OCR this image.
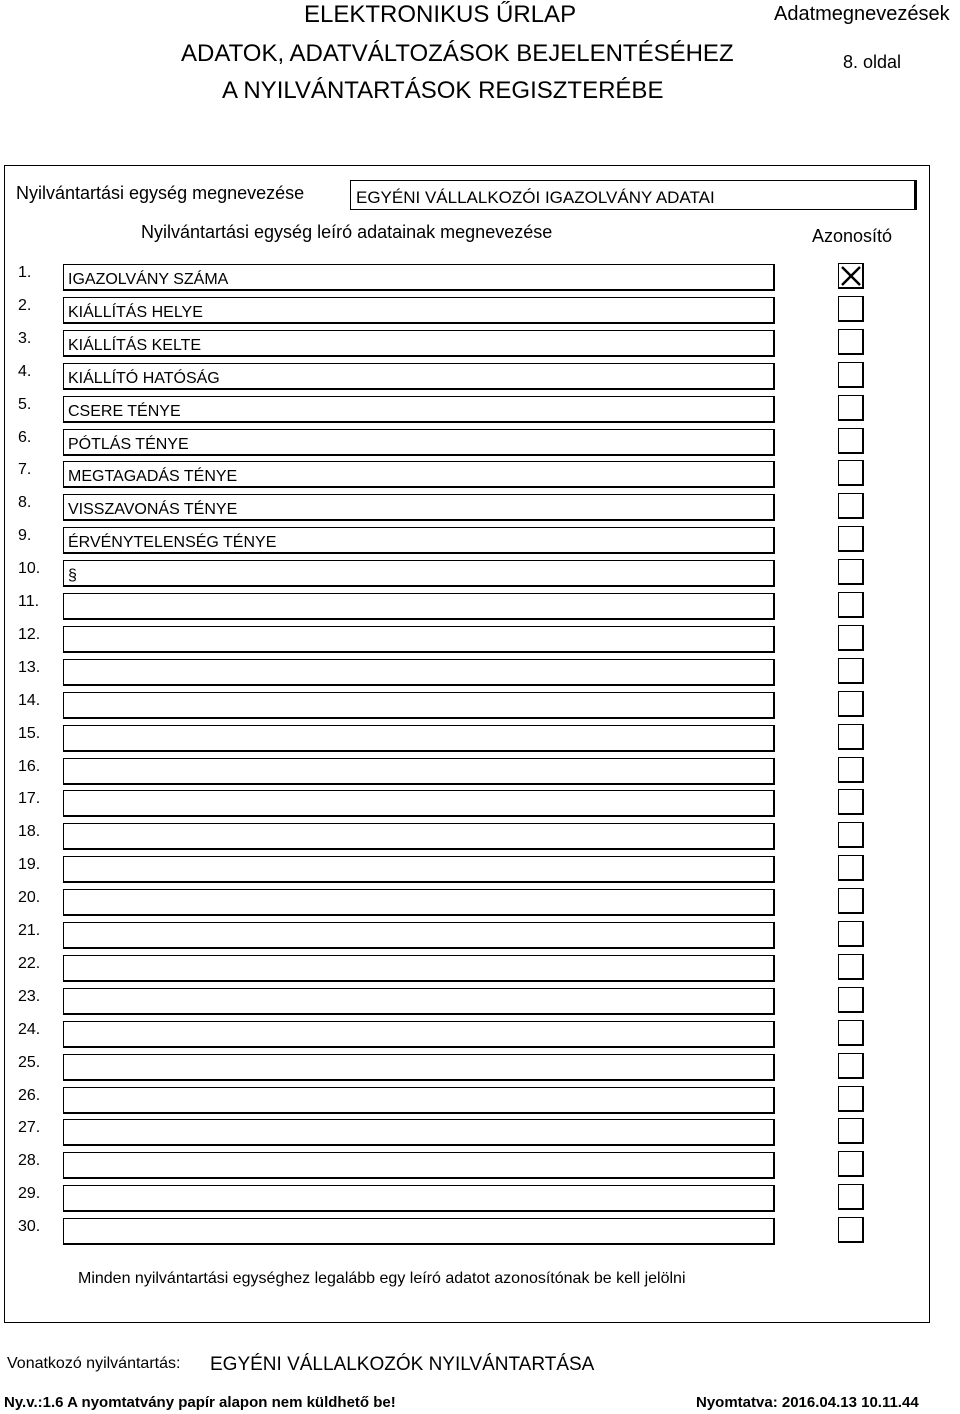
ELEKTRONIKUS ŰRLAP
ADATOK, ADATVÁLTOZÁSOK BEJELENTÉSÉHEZ
A NYILVÁNTARTÁSOK REGISZTERÉBE
Adatmegnevezések
8. oldal
Nyilvántartási egység megnevezése	EGYÉNI VÁLLALKOZÓI IGAZOLVÁNY ADATAI
Nyilvántartási egység leíró adatainak megnevezése	Azonosító
1. IGAZOLVÁNY SZÁMA
2. KIÁLLÍTÁS HELYE
3. KIÁLLÍTÁS KELTE
4. KIÁLLÍTÓ HATÓSÁG
5. CSERE TÉNYE
6. PÓTLÁS TÉNYE
7. MEGTAGADÁS TÉNYE
8. VISSZAVONÁS TÉNYE
9. ÉRVÉNYTELENSÉG TÉNYE
10. §
11.
12.
13.
14.
15.
16.
17.
18.
19.
20.
21.
22.
23.
24.
25.
26.
27.
28.
29.
30.
Minden nyilvántartási egységhez legalább egy leíró adatot azonosítónak be kell jelölni
Vonatkozó nyilvántartás: EGYÉNI VÁLLALKOZÓK NYILVÁNTARTÁSA
Ny.v.:1.6 A nyomtatvány papír alapon nem küldhető be!	Nyomtatva: 2016.04.13 10.11.44
